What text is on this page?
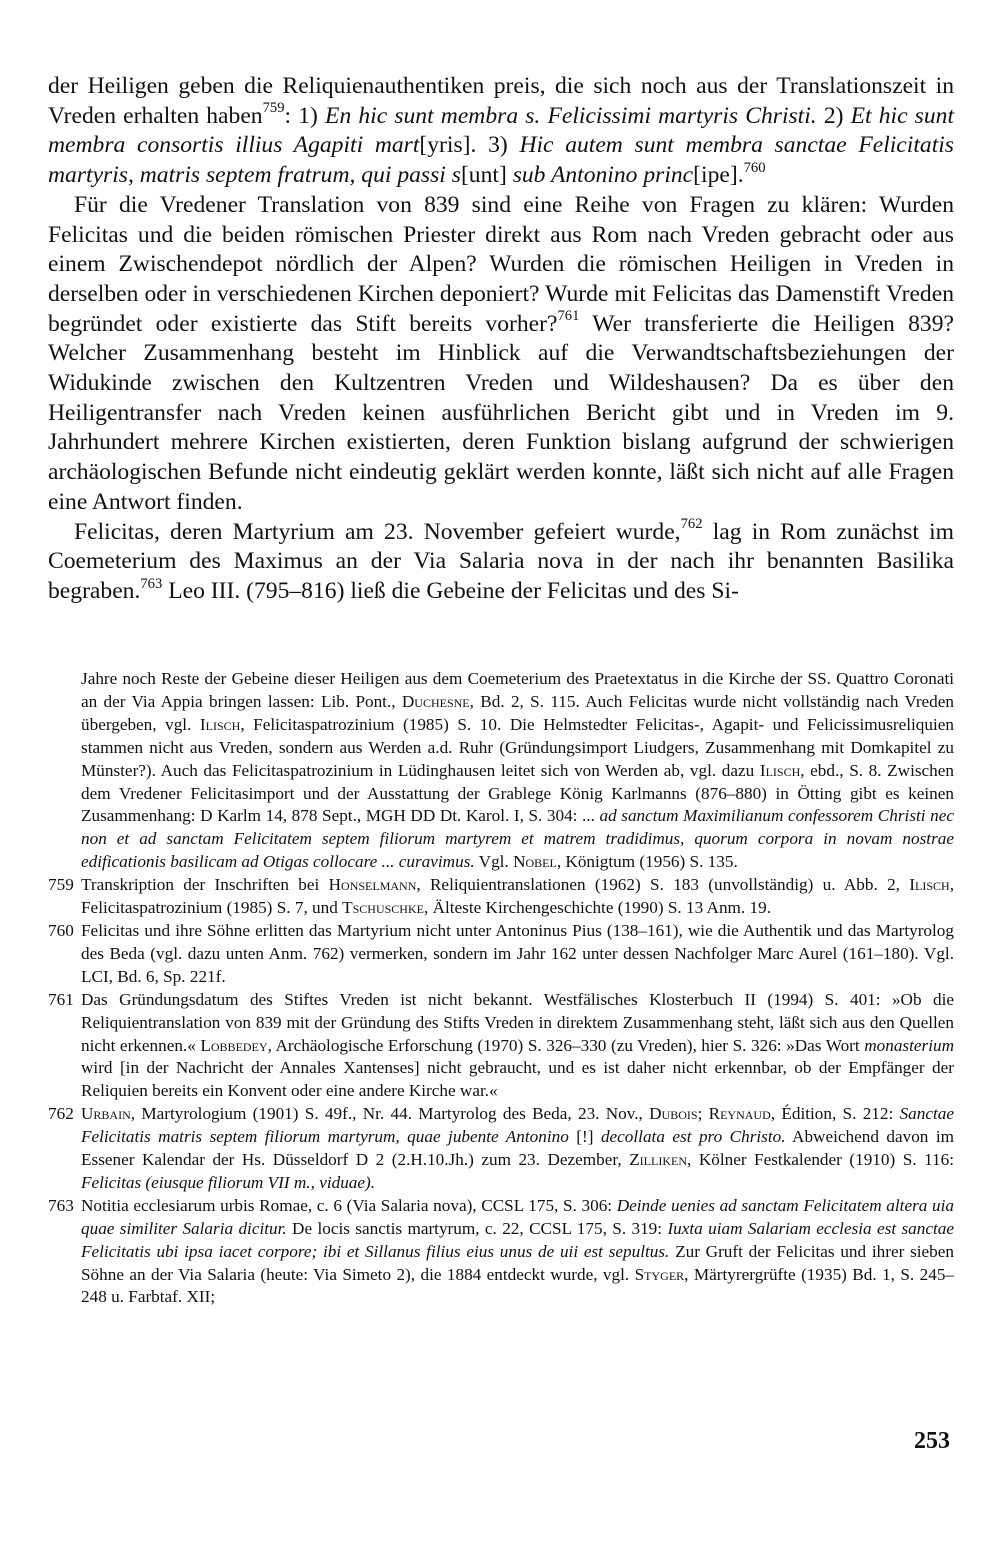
der Heiligen geben die Reliquienauthentiken preis, die sich noch aus der Translationszeit in Vreden erhalten haben$^{759}$: 1) En hic sunt membra s. Felicissimi martyris Christi. 2) Et hic sunt membra consortis illius Agapiti mart[yris]. 3) Hic autem sunt membra sanctae Felicitatis martyris, matris septem fratrum, qui passi s[unt] sub Antonino princ[ipe].$^{760}$

Für die Vredener Translation von 839 sind eine Reihe von Fragen zu klären: Wurden Felicitas und die beiden römischen Priester direkt aus Rom nach Vreden gebracht oder aus einem Zwischendepot nördlich der Alpen? Wurden die römischen Heiligen in Vreden in derselben oder in verschiedenen Kirchen deponiert? Wurde mit Felicitas das Damenstift Vreden begründet oder existierte das Stift bereits vorher?$^{761}$ Wer transferierte die Heiligen 839? Welcher Zusammenhang besteht im Hinblick auf die Verwandtschaftsbeziehungen der Widukinde zwischen den Kultzentren Vreden und Wildeshausen? Da es über den Heiligentransfer nach Vreden keinen ausführlichen Bericht gibt und in Vreden im 9. Jahrhundert mehrere Kirchen existierten, deren Funktion bislang aufgrund der schwierigen archäologischen Befunde nicht eindeutig geklärt werden konnte, läßt sich nicht auf alle Fragen eine Antwort finden.

Felicitas, deren Martyrium am 23. November gefeiert wurde,$^{762}$ lag in Rom zunächst im Coemeterium des Maximus an der Via Salaria nova in der nach ihr benannten Basilika begraben.$^{763}$ Leo III. (795–816) ließ die Gebeine der Felicitas und des Si-

Jahre noch Reste der Gebeine dieser Heiligen aus dem Coemeterium des Praetextatus in die Kirche der SS. Quattro Coronati an der Via Appia bringen lassen: Lib. Pont., Duchesne, Bd. 2, S. 115. Auch Felicitas wurde nicht vollständig nach Vreden übergeben, vgl. Ilisch, Felicitaspatrozinium (1985) S. 10. Die Helmstedter Felicitas-, Agapit- und Felicissimusreliquien stammen nicht aus Vreden, sondern aus Werden a.d. Ruhr (Gründungsimport Liudgers, Zusammenhang mit Domkapitel zu Münster?). Auch das Felicitaspatrozinium in Lüdinghausen leitet sich von Werden ab, vgl. dazu Ilisch, ebd., S. 8. Zwischen dem Vredener Felicitasimport und der Ausstattung der Grablege König Karlmanns (876–880) in Ötting gibt es keinen Zusammenhang: D Karlm 14, 878 Sept., MGH DD Dt. Karol. I, S. 304: ... ad sanctum Maximilianum confessorem Christi nec non et ad sanctam Felicitatem septem filiorum martyrem et matrem tradidimus, quorum corpora in novam nostrae edificationis basilicam ad Otigas collocare ... curavimus. Vgl. Nobel, Königtum (1956) S. 135.

759 Transkription der Inschriften bei Honselmann, Reliquientranslationen (1962) S. 183 (unvollständig) u. Abb. 2, Ilisch, Felicitaspatrozinium (1985) S. 7, und Tschuschke, Älteste Kirchengeschichte (1990) S. 13 Anm. 19.

760 Felicitas und ihre Söhne erlitten das Martyrium nicht unter Antoninus Pius (138–161), wie die Authentik und das Martyrolog des Beda (vgl. dazu unten Anm. 762) vermerken, sondern im Jahr 162 unter dessen Nachfolger Marc Aurel (161–180). Vgl. LCI, Bd. 6, Sp. 221f.

761 Das Gründungsdatum des Stiftes Vreden ist nicht bekannt. Westfälisches Klosterbuch II (1994) S. 401: »Ob die Reliquientranslation von 839 mit der Gründung des Stifts Vreden in direktem Zusammenhang steht, läßt sich aus den Quellen nicht erkennen.« Lobbedey, Archäologische Erforschung (1970) S. 326–330 (zu Vreden), hier S. 326: »Das Wort monasterium wird [in der Nachricht der Annales Xantenses] nicht gebraucht, und es ist daher nicht erkennbar, ob der Empfänger der Reliquien bereits ein Konvent oder eine andere Kirche war.«

762 Urbain, Martyrologium (1901) S. 49f., Nr. 44. Martyrolog des Beda, 23. Nov., Dubois; Reynaud, Édition, S. 212: Sanctae Felicitatis matris septem filiorum martyrum, quae jubente Antonino [!] decollata est pro Christo. Abweichend davon im Essener Kalendar der Hs. Düsseldorf D 2 (2.H.10.Jh.) zum 23. Dezember, Zilliken, Kölner Festkalender (1910) S. 116: Felicitas (eiusque filiorum VII m., viduae).

763 Notitia ecclesiarum urbis Romae, c. 6 (Via Salaria nova), CCSL 175, S. 306: Deinde uenies ad sanctam Felicitatem altera uia quae similiter Salaria dicitur. De locis sanctis martyrum, c. 22, CCSL 175, S. 319: Iuxta uiam Salariam ecclesia est sanctae Felicitatis ubi ipsa iacet corpore; ibi et Sillanus filius eius unus de uii est sepultus. Zur Gruft der Felicitas und ihrer sieben Söhne an der Via Salaria (heute: Via Simeto 2), die 1884 entdeckt wurde, vgl. Styger, Märtyrergrüfte (1935) Bd. 1, S. 245–248 u. Farbtaf. XII;

253
